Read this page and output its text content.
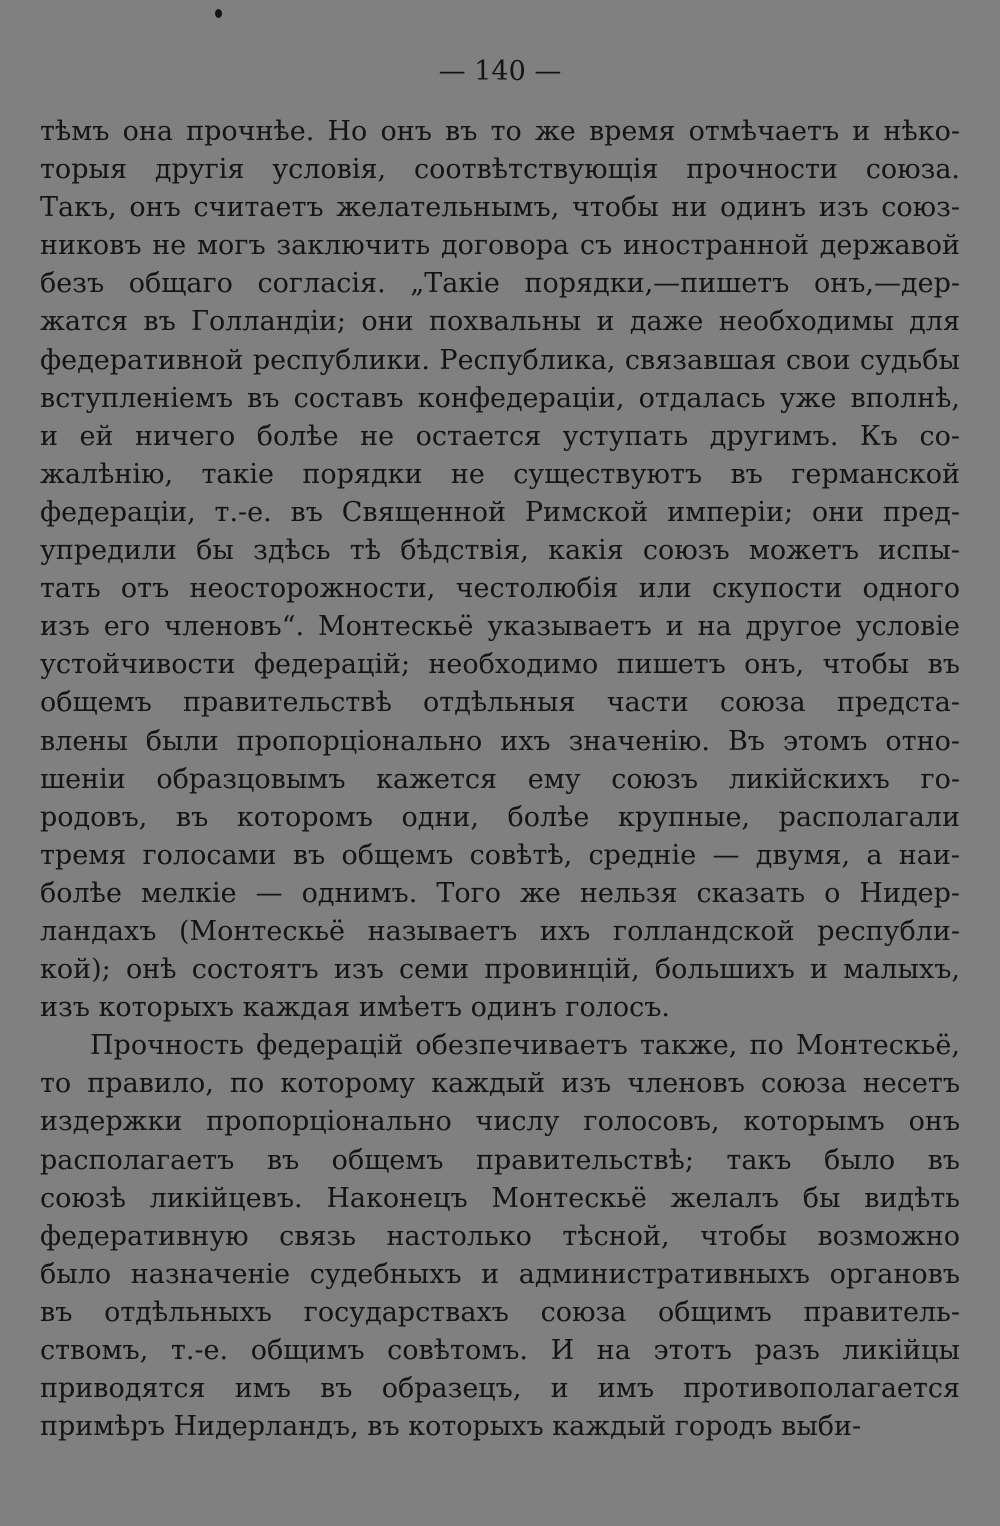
— 140 —
тѣмъ она прочнѣе. Но онъ въ то же время отмѣчаетъ и нѣко-
торыя другія условія, соотвѣтствующія прочности союза.
Такъ, онъ считаетъ желательнымъ, чтобы ни одинъ изъ союз-
никовъ не могъ заключить договора съ иностранной державой
безъ общаго согласія. „Такіе порядки,—пишетъ онъ,—дер-
жатся въ Голландіи; они похвальны и даже необходимы для
федеративной республики. Республика, связавшая свои судьбы
вступленіемъ въ составъ конфедераціи, отдалась уже вполнѣ,
и ей ничего болѣе не остается уступать другимъ. Къ со-
жалѣнію, такіе порядки не существуютъ въ германской
федераціи, т.-е. въ Священной Римской имперіи; они пред-
упредили бы здѣсь тѣ бѣдствія, какія союзъ можетъ испы-
тать отъ неосторожности, честолюбія или скупости одного
изъ его членовъ“. Монтескьё указываетъ и на другое условіе
устойчивости федерацій; необходимо пишетъ онъ, чтобы въ
общемъ правительствѣ отдѣльныя части союза предста-
влены были пропорціонально ихъ значенію. Въ этомъ отно-
шеніи образцовымъ кажется ему союзъ ликійскихъ го-
родовъ, въ которомъ одни, болѣе крупные, располагали
тремя голосами въ общемъ совѣтѣ, средніе — двумя, а наи-
болѣе мелкіе — однимъ. Того же нельзя сказать о Нидер-
ландахъ (Монтескьё называетъ ихъ голландской республи-
кой); онѣ состоятъ изъ семи провинцій, большихъ и малыхъ,
изъ которыхъ каждая имѣетъ одинъ голосъ.
Прочность федерацій обезпечиваетъ также, по Монтескьё,
то правило, по которому каждый изъ членовъ союза несетъ
издержки пропорціонально числу голосовъ, которымъ онъ
располагаетъ въ общемъ правительствѣ; такъ было въ
союзѣ ликійцевъ. Наконецъ Монтескьё желалъ бы видѣть
федеративную связь настолько тѣсной, чтобы возможно
было назначеніе судебныхъ и административныхъ органовъ
въ отдѣльныхъ государствахъ союза общимъ правитель-
ствомъ, т.-е. общимъ совѣтомъ. И на этотъ разъ ликійцы
приводятся имъ въ образецъ, и имъ противополагается
примѣръ Нидерландъ, въ которыхъ каждый городъ выби-
